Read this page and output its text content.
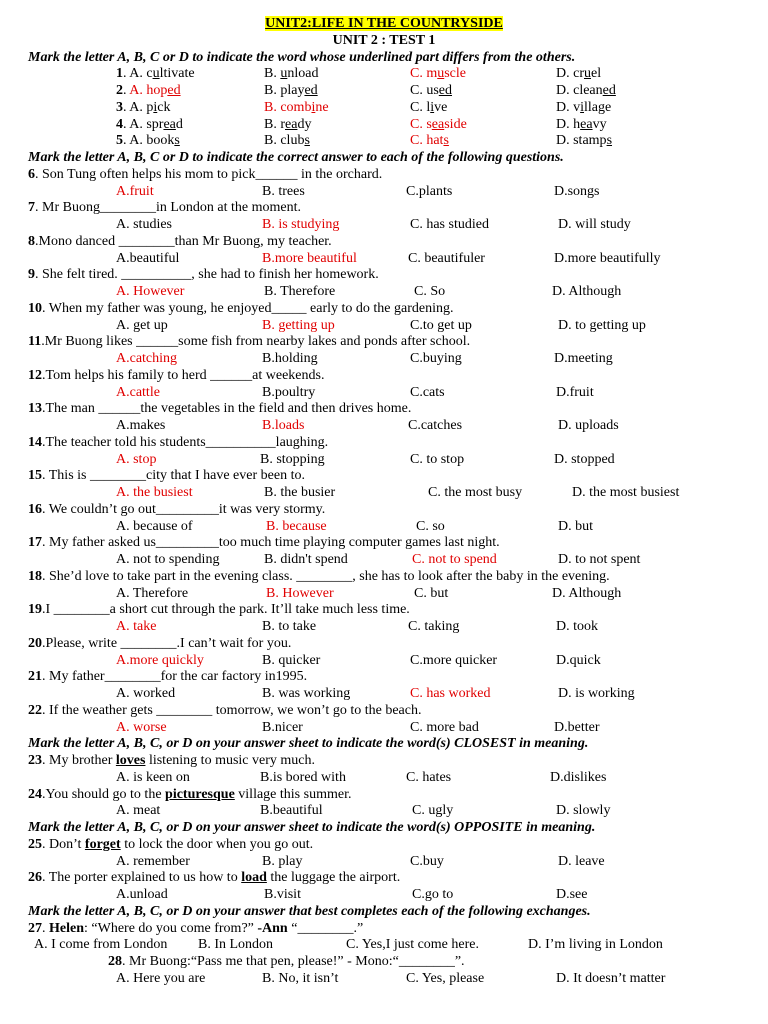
UNIT2:LIFE IN THE COUNTRYSIDE
UNIT 2 : TEST 1
Mark the letter A, B, C or D to indicate the word whose underlined part differs from the others.
1. A. cultivate	B. unload	C. muscle	D. cruel
2. A. hoped	B. played	C. used	D. cleaned
3. A. pick	B. combine	C. live	D. village
4. A. spread	B. ready	C. seaside	D. heavy
5. A. books	B. clubs	C. hats	D. stamps
Mark the letter A, B, C or D to indicate the correct answer to each of the following questions.
6. Son Tung often helps his mom to pick______ in the orchard.
A.fruit	B. trees	C.plants	D.songs
7. Mr Buong________in London at the moment.
A. studies	B. is studying	C. has studied	D. will study
8.Mono danced ________than Mr Buong, my teacher.
A.beautiful	B.more beautiful	C. beautifuler	D.more beautifully
9. She felt tired. __________, she had to finish her homework.
A. However	B. Therefore	C. So	D. Although
10. When my father was young, he enjoyed_____ early to do the gardening.
A. get up	B. getting up	C.to get up	D. to getting up
11.Mr Buong likes ______some fish from nearby lakes and ponds after school.
A.catching	B.holding	C.buying	D.meeting
12.Tom helps his family to herd ______at weekends.
A.cattle	B.poultry	C.cats	D.fruit
13.The man ______the vegetables in the field and then drives home.
A.makes	B.loads	C.catches	D. uploads
14.The teacher told his students__________laughing.
A. stop	B. stopping	C. to stop	D. stopped
15. This is ________city that I have ever been to.
A. the busiest	B. the busier	C. the most busy	D. the most busiest
16. We couldn’t go out_________it was very stormy.
A. because of	B. because	C. so	D. but
17. My father asked us_________too much time playing computer games last night.
A. not to spending	B. didn't spend	C. not to spend	D. to not spent
18. She’d love to take part in the evening class. ________, she has to look after the baby in the evening.
A. Therefore	B. However	C. but	D. Although
19.I ________a short cut through the park. It’ll take much less time.
A. take	B. to take	C. taking	D. took
20.Please, write ________.I can’t wait for you.
A.more quickly	B. quicker	C.more quicker	D.quick
21. My father________for the car factory in1995.
A. worked	B. was working	C. has worked	D. is working
22. If the weather gets ________ tomorrow, we won’t go to the beach.
A. worse	B.nicer	C. more bad	D.better
Mark the letter A, B, C, or D on your answer sheet to indicate the word(s) CLOSEST in meaning.
23. My brother loves listening to music very much.
A. is keen on	B.is bored with	C. hates	D.dislikes
24.You should go to the picturesque village this summer.
A. meat	B.beautiful	C. ugly	D. slowly
Mark the letter A, B, C, or D on your answer sheet to indicate the word(s) OPPOSITE in meaning.
25. Don’t forget to lock the door when you go out.
A. remember	B. play	C.buy	D. leave
26. The porter explained to us how to load the luggage the airport.
A.unload	B.visit	C.go to	D.see
Mark the letter A, B, C, or D on your answer that best completes each of the following exchanges.
27. Helen: “Where do you come from?” -Ann “________.”
A. I come from London B. In London	C. Yes,I just come here.	D. I’m living in London
28. Mr Buong:“Pass me that pen, please!” - Mono:“________”.
A. Here you are	B. No, it isn’t	C. Yes, please	D. It doesn’t matter
